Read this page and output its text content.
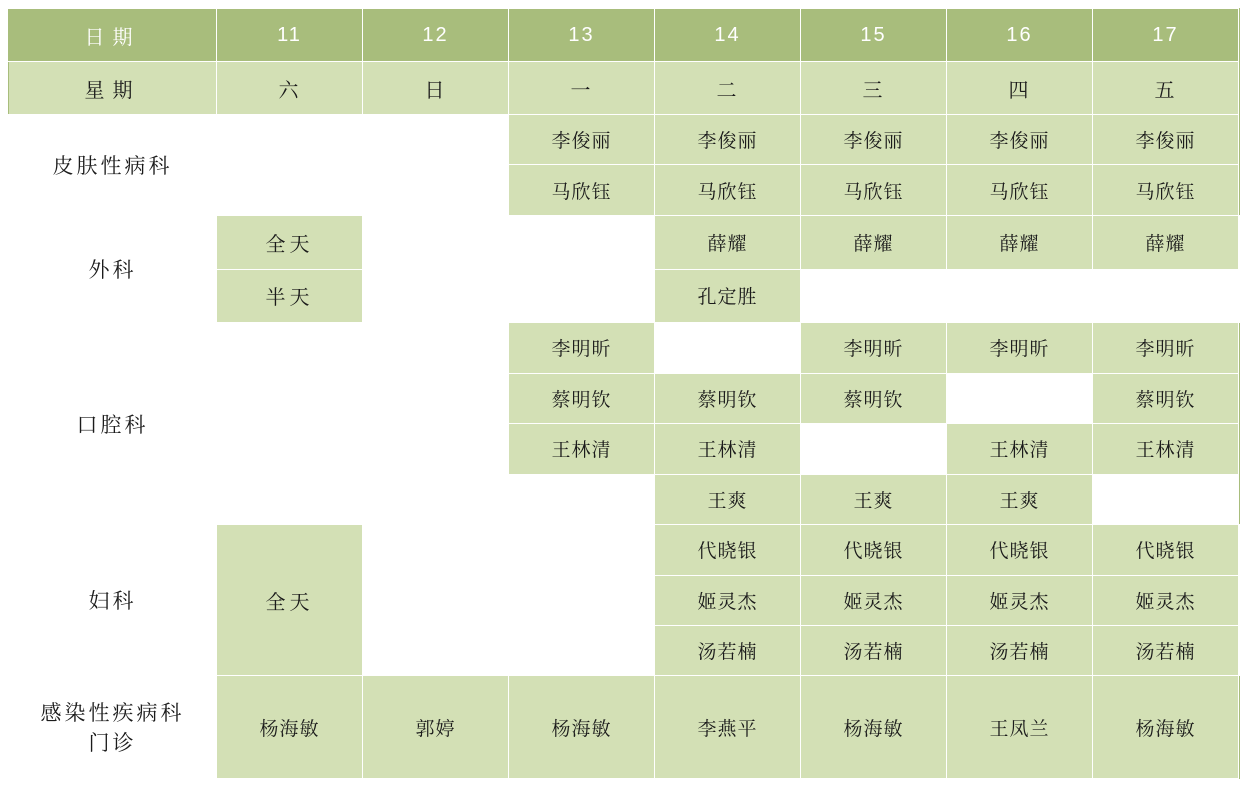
日期	11	12	13	14	15	16	17	
星期	六	日	一	二	三	四	五	
皮肤性病科			李俊丽	李俊丽	李俊丽	李俊丽	李俊丽	
			马欣钰	马欣钰	马欣钰	马欣钰	马欣钰	
外科	全天			薛耀	薛耀	薛耀	薛耀	
	半天			孔定胜				
口腔科			李明昕		李明昕	李明昕	李明昕	
			蔡明钦	蔡明钦	蔡明钦		蔡明钦	
			王林清	王林清		王林清	王林清	
				王爽	王爽	王爽		
妇科	全天			代晓银	代晓银	代晓银	代晓银	
				姬灵杰	姬灵杰	姬灵杰	姬灵杰	
				汤若楠	汤若楠	汤若楠	汤若楠	

感染性疾病科
门诊	杨海敏	郭婷	杨海敏	李燕平	杨海敏	王凤兰	杨海敏	
